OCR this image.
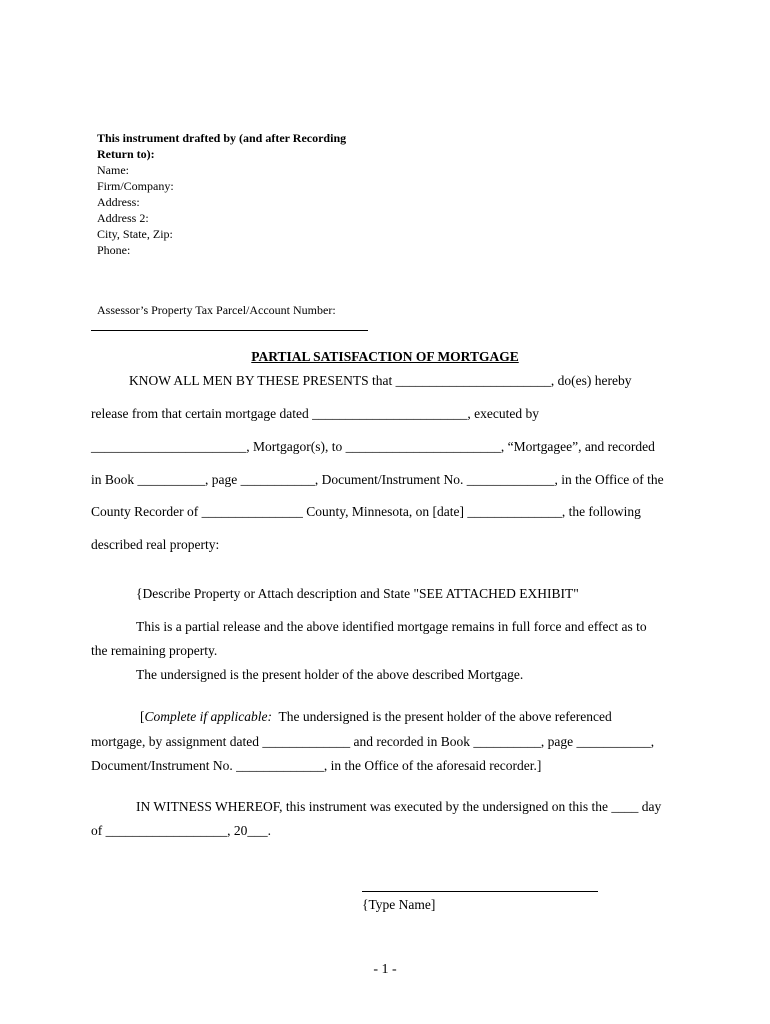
This instrument drafted by (and after Recording
Return to):
Name:
Firm/Company:
Address:
Address 2:
City, State, Zip:
Phone:
Assessor’s Property Tax Parcel/Account Number:
PARTIAL SATISFACTION OF MORTGAGE
KNOW ALL MEN BY THESE PRESENTS that _______________________, do(es) hereby
release from that certain mortgage dated _______________________, executed by
_______________________, Mortgagor(s), to _______________________, “Mortgagee”, and recorded
in Book __________, page ___________, Document/Instrument No. _____________, in the Office of the
County Recorder of _______________ County, Minnesota, on [date] ______________, the following
described real property:
{Describe Property or Attach description and State "SEE ATTACHED EXHIBIT"
This is a partial release and the above identified mortgage remains in full force and effect as to
the remaining property.
The undersigned is the present holder of the above described Mortgage.
[Complete if applicable:  The undersigned is the present holder of the above referenced
mortgage, by assignment dated _____________ and recorded in Book __________, page ___________,
Document/Instrument No. _____________, in the Office of the aforesaid recorder.]
IN WITNESS WHEREOF, this instrument was executed by the undersigned on this the ____ day
of __________________, 20___.
{Type Name]
- 1 -
